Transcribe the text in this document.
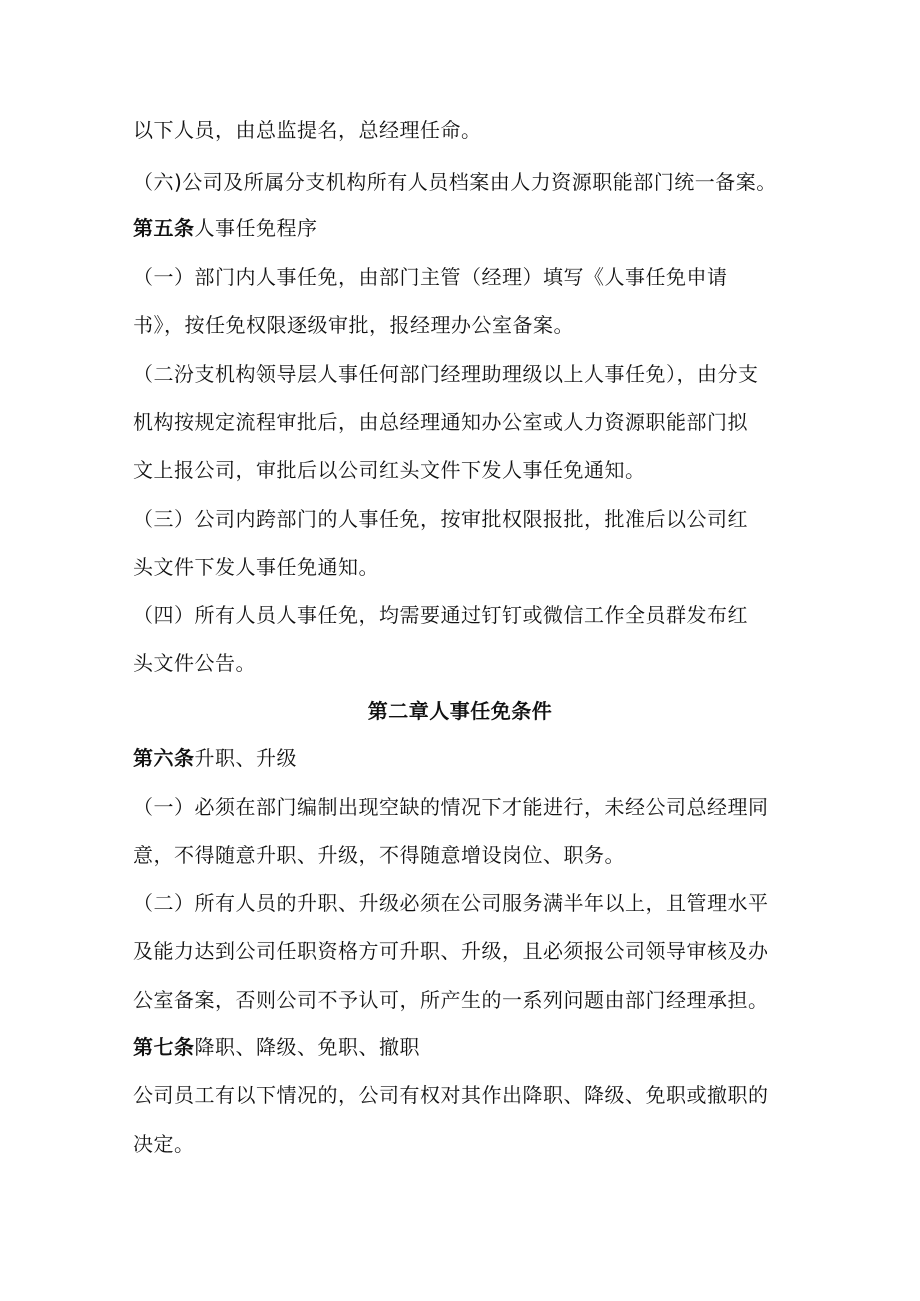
以下人员，由总监提名，总经理任命。
（六)公司及所属分支机构所有人员档案由人力资源职能部门统一备案。
第五条人事任免程序
（一）部门内人事任免，由部门主管（经理）填写《人事任免申请
书》，按任免权限逐级审批，报经理办公室备案。
（二汾支机构领导层人事任何部门经理助理级以上人事任免），由分支
机构按规定流程审批后，由总经理通知办公室或人力资源职能部门拟
文上报公司，审批后以公司红头文件下发人事任免通知。
（三）公司内跨部门的人事任免，按审批权限报批，批准后以公司红
头文件下发人事任免通知。
（四）所有人员人事任免，均需要通过钉钉或微信工作全员群发布红
头文件公告。
第二章人事任免条件
第六条升职、升级
（一）必须在部门编制出现空缺的情况下才能进行，未经公司总经理同
意，不得随意升职、升级，不得随意增设岗位、职务。
（二）所有人员的升职、升级必须在公司服务满半年以上，且管理水平
及能力达到公司任职资格方可升职、升级，且必须报公司领导审核及办
公室备案，否则公司不予认可，所产生的一系列问题由部门经理承担。
第七条降职、降级、免职、撤职
公司员工有以下情况的，公司有权对其作出降职、降级、免职或撤职的
决定。
